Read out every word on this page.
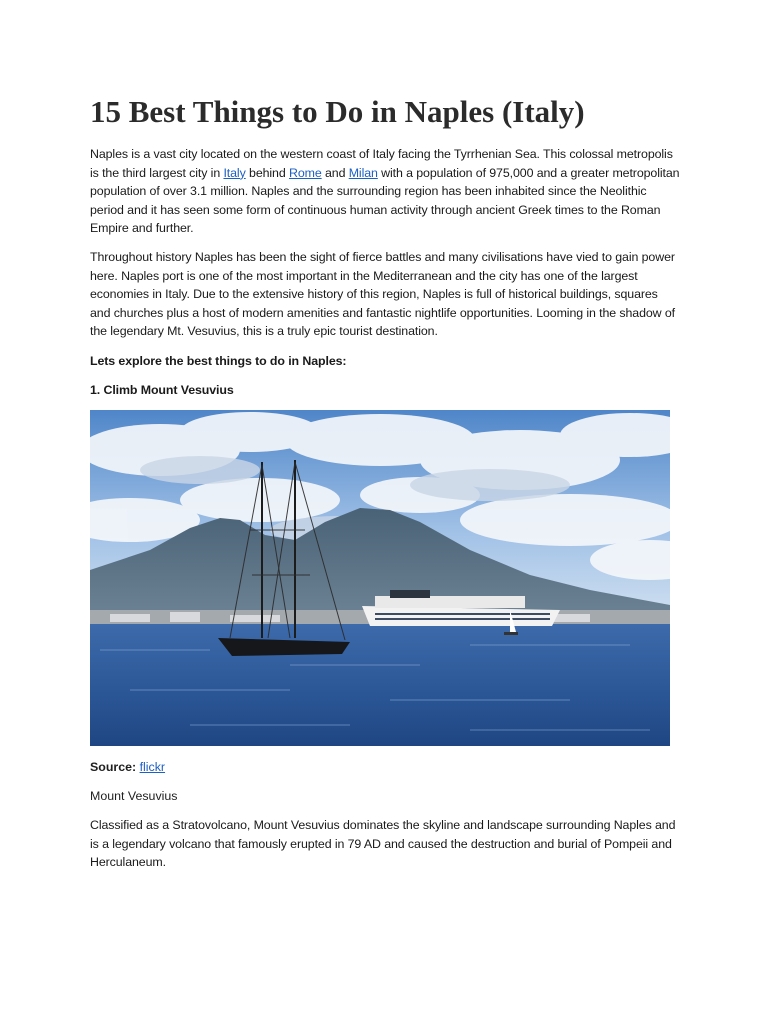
15 Best Things to Do in Naples (Italy)

Naples is a vast city located on the western coast of Italy facing the Tyrrhenian Sea. This colossal metropolis is the third largest city in Italy behind Rome and Milan with a population of 975,000 and a greater metropolitan population of over 3.1 million. Naples and the surrounding region has been inhabited since the Neolithic period and it has seen some form of continuous human activity through ancient Greek times to the Roman Empire and further.

Throughout history Naples has been the sight of fierce battles and many civilisations have vied to gain power here. Naples port is one of the most important in the Mediterranean and the city has one of the largest economies in Italy. Due to the extensive history of this region, Naples is full of historical buildings, squares and churches plus a host of modern amenities and fantastic nightlife opportunities. Looming in the shadow of the legendary Mt. Vesuvius, this is a truly epic tourist destination.

Lets explore the best things to do in Naples:

1. Climb Mount Vesuvius

Source: flickr
Mount Vesuvius

Classified as a Stratovolcano, Mount Vesuvius dominates the skyline and landscape surrounding Naples and is a legendary volcano that famously erupted in 79 AD and caused the destruction and burial of Pompeii and Herculaneum.
